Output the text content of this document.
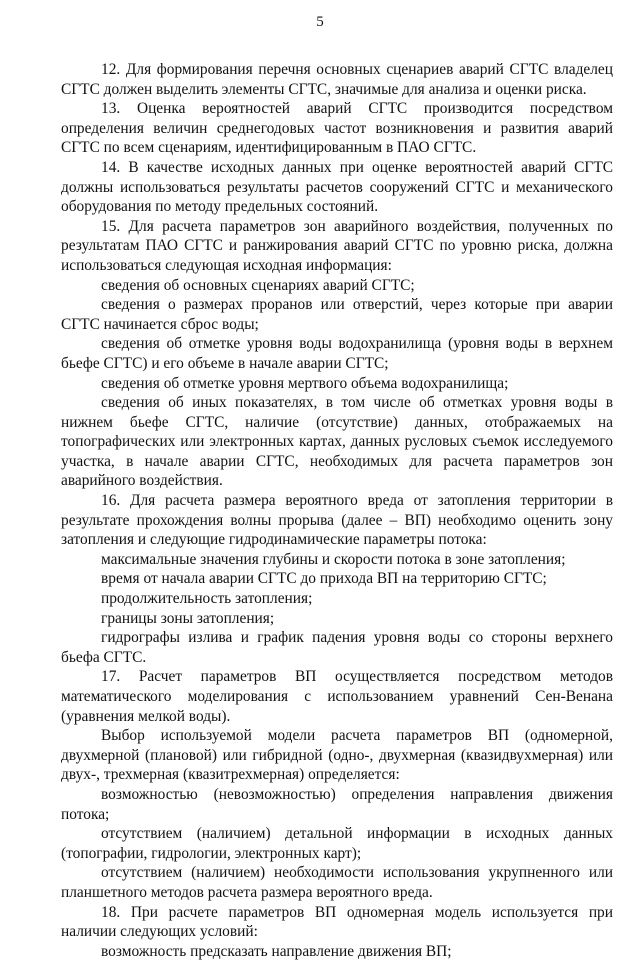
5

12. Для формирования перечня основных сценариев аварий СГТС владелец СГТС должен выделить элементы СГТС, значимые для анализа и оценки риска.

13. Оценка вероятностей аварий СГТС производится посредством определения величин среднегодовых частот возникновения и развития аварий СГТС по всем сценариям, идентифицированным в ПАО СГТС.

14. В качестве исходных данных при оценке вероятностей аварий СГТС должны использоваться результаты расчетов сооружений СГТС и механического оборудования по методу предельных состояний.

15. Для расчета параметров зон аварийного воздействия, полученных по результатам ПАО СГТС и ранжирования аварий СГТС по уровню риска, должна использоваться следующая исходная информация:

сведения об основных сценариях аварий СГТС;

сведения о размерах проранов или отверстий, через которые при аварии СГТС начинается сброс воды;

сведения об отметке уровня воды водохранилища (уровня воды в верхнем бьефе СГТС) и его объеме в начале аварии СГТС;

сведения об отметке уровня мертвого объема водохранилища;

сведения об иных показателях, в том числе об отметках уровня воды в нижнем бьефе СГТС, наличие (отсутствие) данных, отображаемых на топографических или электронных картах, данных русловых съемок исследуемого участка, в начале аварии СГТС, необходимых для расчета параметров зон аварийного воздействия.

16. Для расчета размера вероятного вреда от затопления территории в результате прохождения волны прорыва (далее – ВП) необходимо оценить зону затопления и следующие гидродинамические параметры потока:

максимальные значения глубины и скорости потока в зоне затопления;

время от начала аварии СГТС до прихода ВП на территорию СГТС;

продолжительность затопления;

границы зоны затопления;

гидрографы излива и график падения уровня воды со стороны верхнего бьефа СГТС.

17. Расчет параметров ВП осуществляется посредством методов математического моделирования с использованием уравнений Сен-Венана (уравнения мелкой воды).

Выбор используемой модели расчета параметров ВП (одномерной, двухмерной (плановой) или гибридной (одно-, двухмерная (квазидвухмерная) или двух-, трехмерная (квазитрехмерная) определяется:

возможностью (невозможностью) определения направления движения потока;

отсутствием (наличием) детальной информации в исходных данных (топографии, гидрологии, электронных карт);

отсутствием (наличием) необходимости использования укрупненного или планшетного методов расчета размера вероятного вреда.

18. При расчете параметров ВП одномерная модель используется при наличии следующих условий:

возможность предсказать направление движения ВП;
